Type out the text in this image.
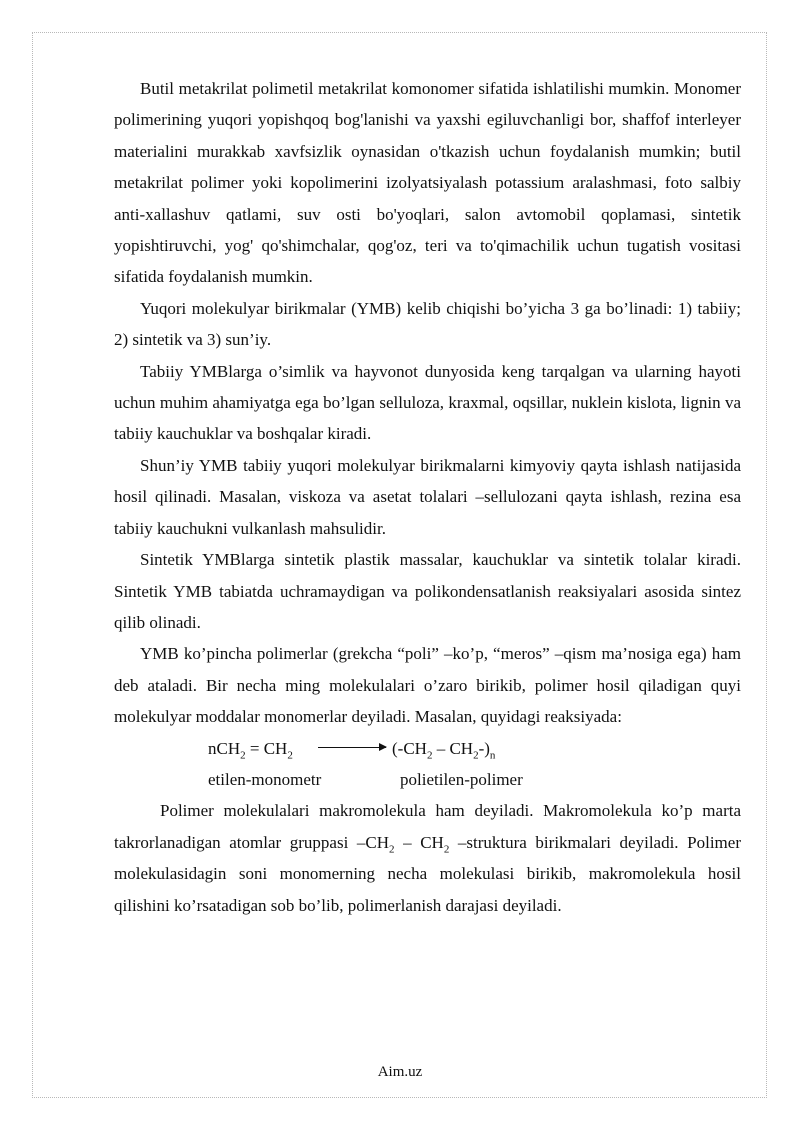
Butil metakrilat polimetil metakrilat komonomer sifatida ishlatilishi mumkin. Monomer polimerining yuqori yopishqoq bog'lanishi va yaxshi egiluvchanligi bor, shaffof interleyer materialini murakkab xavfsizlik oynasidan o'tkazish uchun foydalanish mumkin; butil metakrilat polimer yoki kopolimerini izolyatsiyalash potassium aralashmasi, foto salbiy anti-xallashuv qatlami, suv osti bo'yoqlari, salon avtomobil qoplamasi, sintetik yopishtiruvchi, yog' qo'shimchalar, qog'oz, teri va to'qimachilik uchun tugatish vositasi sifatida foydalanish mumkin.

Yuqori molekulyar birikmalar (YMB) kelib chiqishi bo’yicha 3 ga bo’linadi: 1) tabiiy; 2) sintetik va 3) sun’iy.

Tabiiy YMBlarga o’simlik va hayvonot dunyosida keng tarqalgan va ularning hayoti uchun muhim ahamiyatga ega bo’lgan selluloza, kraxmal, oqsillar, nuklein kislota, lignin va tabiiy kauchuklar va boshqalar kiradi.

Shun’iy YMB tabiiy yuqori molekulyar birikmalarni kimyoviy qayta ishlash natijasida hosil qilinadi. Masalan, viskoza va asetat tolalari –sellulozani qayta ishlash, rezina esa tabiiy kauchukni vulkanlash mahsulidir.

Sintetik YMBlarga sintetik plastik massalar, kauchuklar va sintetik tolalar kiradi. Sintetik YMB tabiatda uchramaydigan va polikondensatlanish reaksiyalari asosida sintez qilib olinadi.

YMB ko’pincha polimerlar (grekcha “poli” –ko’p, “meros” –qism ma’nosiga ega) ham deb ataladi. Bir necha ming molekulalari o’zaro birikib, polimer hosil qiladigan quyi molekulyar moddalar monomerlar deyiladi. Masalan, quyidagi reaksiyada:

$nCH_2 = CH_2 \to (-CH_2 - CH_2-)_n$
etilen-monometr	polietilen-polimer

Polimer molekulalari makromolekula ham deyiladi. Makromolekula ko’p marta takrorlanadigan atomlar gruppasi $-CH_2 - CH_2$ –struktura birikmalari deyiladi. Polimer molekulasidagin soni monomerning necha molekulasi birikib, makromolekula hosil qilishini ko’rsatadigan sob bo’lib, polimerlanish darajasi deyiladi.

Aim.uz
